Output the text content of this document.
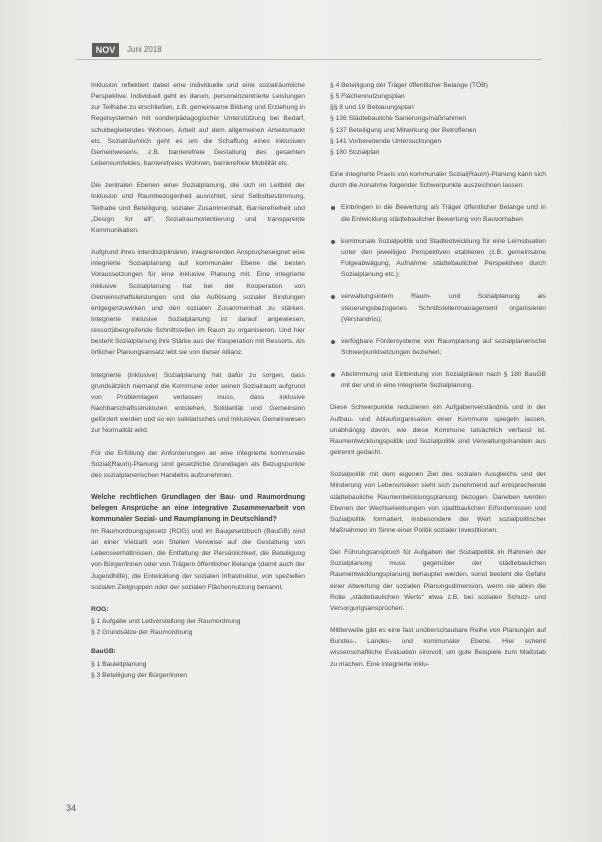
NOV	Juni 2018

Inklusion reflektiert dabei eine individuelle und eine sozialräumliche Perspektive. Individuell geht es darum, personenzentrierte Leistungen zur Teilhabe zu erschließen, z.B. gemeinsame Bildung und Erziehung in Regelsystemen mit sonderpädagogischer Unterstützung bei Bedarf, schulbegleitendes Wohnen, Arbeit auf dem allgemeinen Arbeitsmarkt etc. Sozialräumlich geht es um die Schaffung eines inklusiven Gemeinwesens, z.B. barrierefreie Gestaltung des gesamten Lebensumfeldes, barrierefreies Wohnen, barrierefreie Mobilität etc.

Die zentralen Ebenen einer Sozialplanung, die sich im Leitbild der Inklusion und Raumbezogenheit ausrichtet, sind Selbstbestimmung, Teilhabe und Beteiligung, sozialer Zusammenhalt, Barrierefreiheit und „Design for all“, Sozialraumorientierung und transparente Kommunikation.

Aufgrund ihres interdisziplinären, integrierenden Ansprucheseignet eine integrierte Sozialplanung auf kommunaler Ebene die besten Voraussetzungen für eine inklusive Planung mit. Eine integrierte inklusive Sozialplanung hat bei der Kooperation von Gemeinschaftsleistungen und die Auflösung sozialer Bindungen entgegenzuwirken und den sozialen Zusammenhalt zu stärken. Integrierte inklusive Sozialplanung ist darauf angewiesen, ressortübergreifende Schnittstellen im Raum zu organisieren. Und hier besteht Sozialplanung ihre Stärke aus der Kooperation mit Ressorts. Als örtlicher Planungsansatz lebt sie von dieser Allianz.

Integrierte (inklusive) Sozialplanung hat dafür zu sorgen, dass grundsätzlich niemand die Kommune oder seinen Sozialraum aufgrund von Problemlagen verlassen muss, dass inklusive Nachbarschaftsstrukturen entstehen, Solidarität und Gemeinsinn gefördert werden und so ein solidarisches und inklusives Gemeinwesen zur Normalität wird.

Für die Erfüllung der Anforderungen an eine integrierte kommunale Sozial(Raum)-Planung sind gesetzliche Grundlagen als Bezugspunkte des sozialplanerischen Handelns aufzunehmen.

Welche rechtlichen Grundlagen der Bau- und Raumordnung belegen Ansprüche an eine integrative Zusammenarbeit von kommunaler Sozial- und Raumplanung in Deutschland?

Im Raumordnungsgesetz (ROG) und im Baugesetzbuch (BauGB) sind an einer Vielzahl von Stellen Verweise auf die Gestaltung von Lebensverhältnissen, die Entfaltung der Persönlichkeit, die Beteiligung von Bürger/innen oder von Trägern öffentlicher Belange (damit auch der Jugendhilfe), die Entwicklung der sozialen Infrastruktur, von speziellen sozialen Zielgruppen oder der sozialen Flächennutzung benannt.

ROG:
§ 1 Aufgabe und Leitvorstellung der Raumordnung
§ 2 Grundsätze der Raumordnung
BauGB:
§ 1 Bauleitplanung
§ 3 Beteiligung der Bürger/innen
§ 4 Beteiligung der Träger öffentlicher Belange (TÖB)
§ 5 Flächennutzungsplan
§§ 8 und 10 Bebauungsplan
§ 136 Städtebauliche Sanierungsmaßnahmen
§ 137 Beteiligung und Mitwirkung der Betroffenen
§ 141 Vorbereitende Untersuchungen
§ 180 Sozialplan

Eine integrierte Praxis von kommunaler Sozial(Raum)-Planung kann sich durch die Annahme folgender Schwerpunkte auszeichnen lassen:

Einbringen in die Bewertung als Träger öffentlicher Belange und in die Entwicklung städtebaulicher Bewertung von Bauvorhaben
kommunale Sozialpolitik und Stadtentwicklung für eine Lernsituation unter den jeweiligen Perspektiven etablieren (z.B. gemeinsame Folgeabwägung, Aufnahme städtebaulicher Perspektiven durch Sozialplanung etc.);
verwaltungsintern Raum- und Sozialplanung als steuerungsbezogenes Schnittstellenmanagement organisieren (Verstandnis);
verfügbare Fördersysteme von Raumplanung auf sozialplanerische Schwerpunktsetzungen beziehen;
Abstimmung und Einbindung von Sozialplänen nach § 180 BauGB mit der und in eine integrierte Sozialplanung.

Diese Schwerpunkte reduzieren ein Aufgabenverständnis und in der Aufbau- und Ablauforganisation einer Kommune spiegeln lassen, unabhängig davon, wie diese Kommune tatsächlich verfasst ist. Raumentwicklungspolitik und Sozialpolitik sind Verwaltungshandeln aus getrennt gedacht.

Sozialpolitik mit dem eigenen Ziel des sozialen Ausgleichs und der Minderung von Lebensrisiken sieht sich zunehmend auf entsprechende städtebauliche Raumentwicklungsplanung bezogen. Daneben werden Ebenen der Wechselwirkungen von stadtbaulichen Erfordernissen und Sozialpolitik formatiert, insbesondere der Wert sozialpolitischer Maßnahmen im Sinne einer Politik sozialer Investitionen.

Der Führungsanspruch für Aufgaben der Sozialpolitik im Rahmen der Sozialplanung muss gegenüber der städtebaulichen Raumentwicklungsplanung behauptet werden, sonst besteht die Gefahr einer Abwertung der sozialen Planungsdimension, wenn sie allein die Rolle „städtebaulichen Werts“ etwa z.B. bei sozialen Schutz- und Versorgungsansprüchen.

Mittlerweile gibt es eine fast unüberschaubare Reihe von Planungen auf Bundes-, Landes- und kommunaler Ebene. Hier scheint wissenschaftliche Evaluation sinnvoll, um gute Beispiele zum Maßstab zu machen. Eine integrierte inklu-

34
